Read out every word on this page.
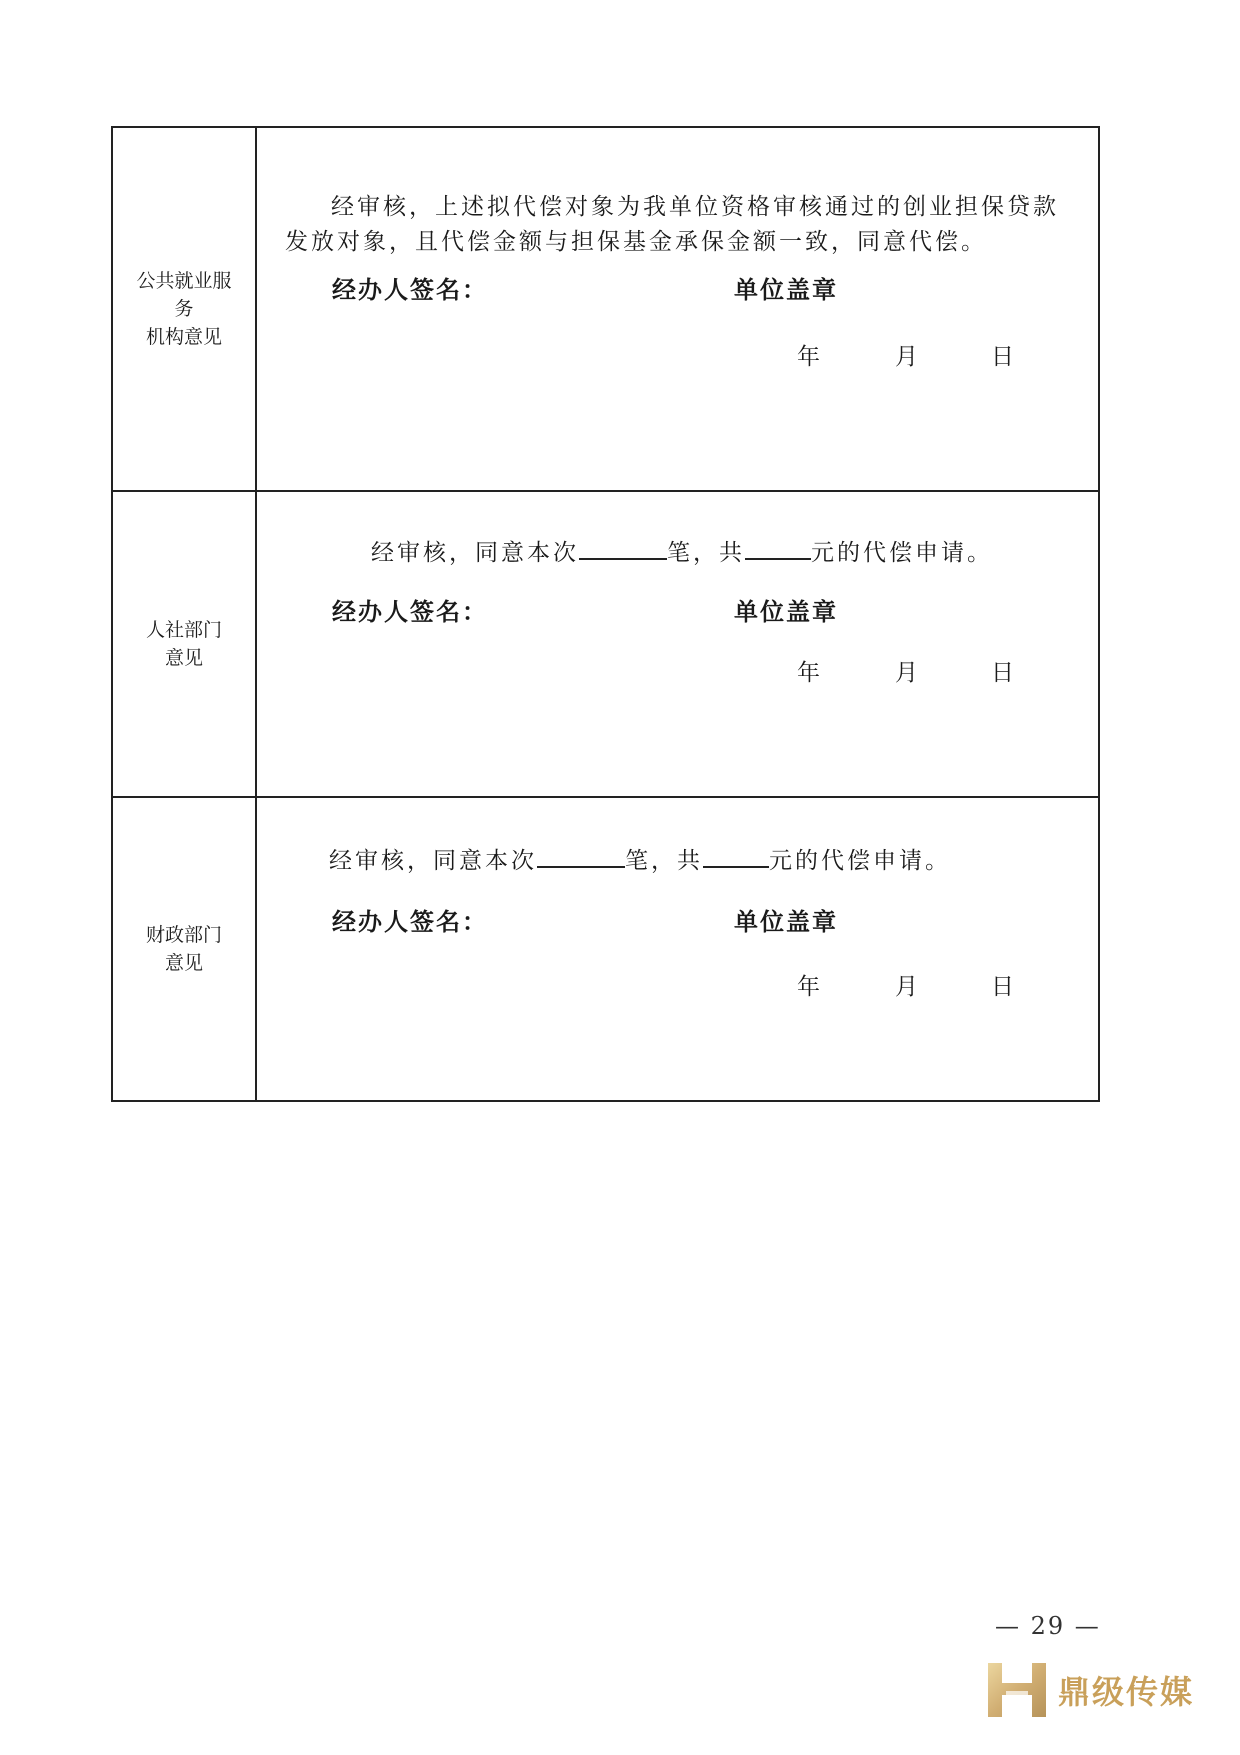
公共就业服务
机构意见

经审核，上述拟代偿对象为我单位资格审核通过的创业担保贷款
发放对象，且代偿金额与担保基金承保金额一致，同意代偿。

经办人签名：	单位盖章
年	月	日
人社部门
意见

经审核，同意本次	笔，共	元的代偿申请。

经办人签名：	单位盖章
年	月	日
财政部门
意见

经审核，同意本次	笔，共	元的代偿申请。

经办人签名：	单位盖章
年	月	日
— 29 —
鼎级传媒
